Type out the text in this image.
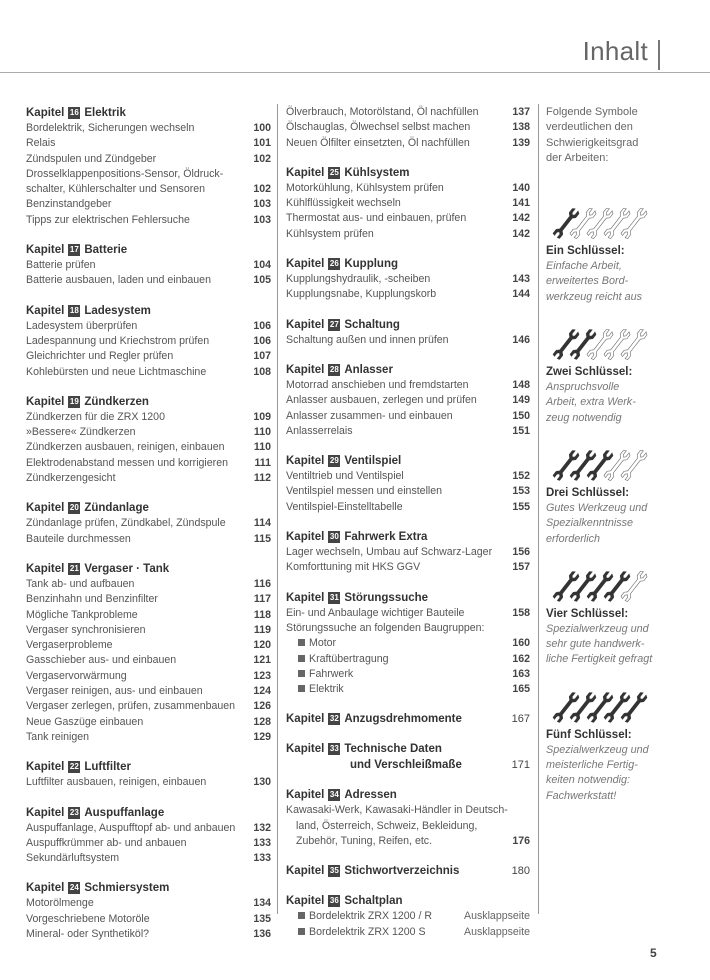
Inhalt
Kapitel 16 Elektrik
Bordelektrik, Sicherungen wechseln	100
Relais	101
Zündspulen und Zündgeber	102
Drosselklappenpositions-Sensor, Öldruck-
schalter, Kühlerschalter und Sensoren	102
Benzinstandgeber	103
Tipps zur elektrischen Fehlersuche	103
Kapitel 17 Batterie
Batterie prüfen	104
Batterie ausbauen, laden und einbauen	105
Kapitel 18 Ladesystem
Ladesystem überprüfen	106
Ladespannung und Kriechstrom prüfen	106
Gleichrichter und Regler prüfen	107
Kohlebürsten und neue Lichtmaschine	108
Kapitel 19 Zündkerzen
Zündkerzen für die ZRX 1200	109
»Bessere« Zündkerzen	110
Zündkerzen ausbauen, reinigen, einbauen	110
Elektrodenabstand messen und korrigieren	111
Zündkerzengesicht	112
Kapitel 20 Zündanlage
Zündanlage prüfen, Zündkabel, Zündspule	114
Bauteile durchmessen	115
Kapitel 21 Vergaser · Tank
Tank ab- und aufbauen	116
Benzinhahn und Benzinfilter	117
Mögliche Tankprobleme	118
Vergaser synchronisieren	119
Vergaserprobleme	120
Gasschieber aus- und einbauen	121
Vergaservorwärmung	123
Vergaser reinigen, aus- und einbauen	124
Vergaser zerlegen, prüfen, zusammenbauen	126
Neue Gaszüge einbauen	128
Tank reinigen	129
Kapitel 22 Luftfilter
Luftfilter ausbauen, reinigen, einbauen	130
Kapitel 23 Auspuffanlage
Auspuffanlage, Auspufftopf ab- und anbauen	132
Auspuffkrümmer ab- und anbauen	133
Sekundärluftsystem	133
Kapitel 24 Schmiersystem
Motorölmenge	134
Vorgeschriebene Motoröle	135
Mineral- oder Synthetiköl?	136
Ölverbrauch, Motorölstand, Öl nachfüllen	137
Ölschauglas, Ölwechsel selbst machen	138
Neuen Ölfilter einsetzten, Öl nachfüllen	139
Kapitel 25 Kühlsystem
Motorkühlung, Kühlsystem prüfen	140
Kühlflüssigkeit wechseln	141
Thermostat aus- und einbauen, prüfen	142
Kühlsystem prüfen	142
Kapitel 26 Kupplung
Kupplungshydraulik, -scheiben	143
Kupplungsnabe, Kupplungskorb	144
Kapitel 27 Schaltung
Schaltung außen und innen prüfen	146
Kapitel 28 Anlasser
Motorrad anschieben und fremdstarten	148
Anlasser ausbauen, zerlegen und prüfen	149
Anlasser zusammen- und einbauen	150
Anlasserrelais	151
Kapitel 29 Ventilspiel
Ventiltrieb und Ventilspiel	152
Ventilspiel messen und einstellen	153
Ventilspiel-Einstelltabelle	155
Kapitel 30 Fahrwerk Extra
Lager wechseln, Umbau auf Schwarz-Lager	156
Komforttuning mit HKS GGV	157
Kapitel 31 Störungssuche
Ein- und Anbaulage wichtiger Bauteile	158
Störungssuche an folgenden Baugruppen:
Motor	160
Kraftübertragung	162
Fahrwerk	163
Elektrik	165
Kapitel 32 Anzugsdrehmomente	167
Kapitel 33 Technische Daten
und Verschleißmaße	171
Kapitel 34 Adressen
Kawasaki-Werk, Kawasaki-Händler in Deutsch-
land, Österreich, Schweiz, Bekleidung,
Zubehör, Tuning, Reifen, etc.	176
Kapitel 35 Stichwortverzeichnis	180
Kapitel 36 Schaltplan
Bordelektrik ZRX 1200 / R	Ausklappseite
Bordelektrik ZRX 1200 S	Ausklappseite
Folgende Symbole
verdeutlichen den
Schwierigkeitsgrad
der Arbeiten:
Ein Schlüssel:
Einfache Arbeit,
erweitertes Bord-
werkzeug reicht aus
Zwei Schlüssel:
Anspruchsvolle
Arbeit, extra Werk-
zeug notwendig
Drei Schlüssel:
Gutes Werkzeug und
Spezialkenntnisse
erforderlich
Vier Schlüssel:
Spezialwerkzeug und
sehr gute handwerk-
liche Fertigkeit gefragt
Fünf Schlüssel:
Spezialwerkzeug und
meisterliche Fertig-
keiten notwendig:
Fachwerkstatt!
5
